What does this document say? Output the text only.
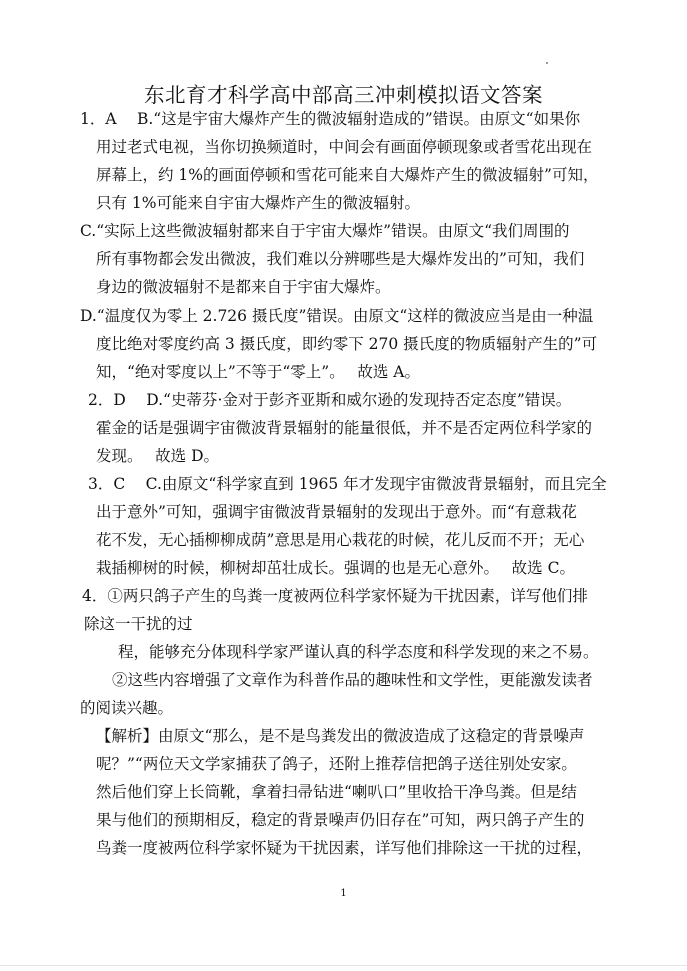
东北育才科学高中部高三冲刺模拟语文答案
1．A　 B.“这是宇宙大爆炸产生的微波辐射造成的”错误。由原文“如果你
用过老式电视，当你切换频道时，中间会有画面停顿现象或者雪花出现在
屏幕上，约 1%的画面停顿和雪花可能来自大爆炸产生的微波辐射”可知，
只有 1%可能来自宇宙大爆炸产生的微波辐射。
C.“实际上这些微波辐射都来自于宇宙大爆炸”错误。由原文“我们周围的
所有事物都会发出微波，我们难以分辨哪些是大爆炸发出的”可知，我们
身边的微波辐射不是都来自于宇宙大爆炸。
D.“温度仅为零上 2.726 摄氏度”错误。由原文“这样的微波应当是由一种温
度比绝对零度约高 3 摄氏度，即约零下 270 摄氏度的物质辐射产生的”可
知，“绝对零度以上”不等于“零上”。　 故选 A。
2．D　 D.“史蒂芬·金对于彭齐亚斯和威尔逊的发现持否定态度”错误。
霍金的话是强调宇宙微波背景辐射的能量很低，并不是否定两位科学家的
发现。　 故选 D。
3．C　 C.由原文“科学家直到 1965 年才发现宇宙微波背景辐射，而且完全
出于意外”可知，强调宇宙微波背景辐射的发现出于意外。而“有意栽花
花不发，无心插柳柳成荫”意思是用心栽花的时候，花儿反而不开；无心
栽插柳树的时候，柳树却茁壮成长。强调的也是无心意外。　 故选 C。
4．①两只鸽子产生的鸟粪一度被两位科学家怀疑为干扰因素，详写他们排
除这一干扰的过
程，能够充分体现科学家严谨认真的科学态度和科学发现的来之不易。
②这些内容增强了文章作为科普作品的趣味性和文学性，更能激发读者
的阅读兴趣。
【解析】由原文“那么，是不是鸟粪发出的微波造成了这稳定的背景噪声
呢？”“两位天文学家捕获了鸽子，还附上推荐信把鸽子送往别处安家。
然后他们穿上长筒靴，拿着扫帚钻进“喇叭口”里收拾干净鸟粪。但是结
果与他们的预期相反，稳定的背景噪声仍旧存在”可知，两只鸽子产生的
鸟粪一度被两位科学家怀疑为干扰因素，详写他们排除这一干扰的过程，
1
